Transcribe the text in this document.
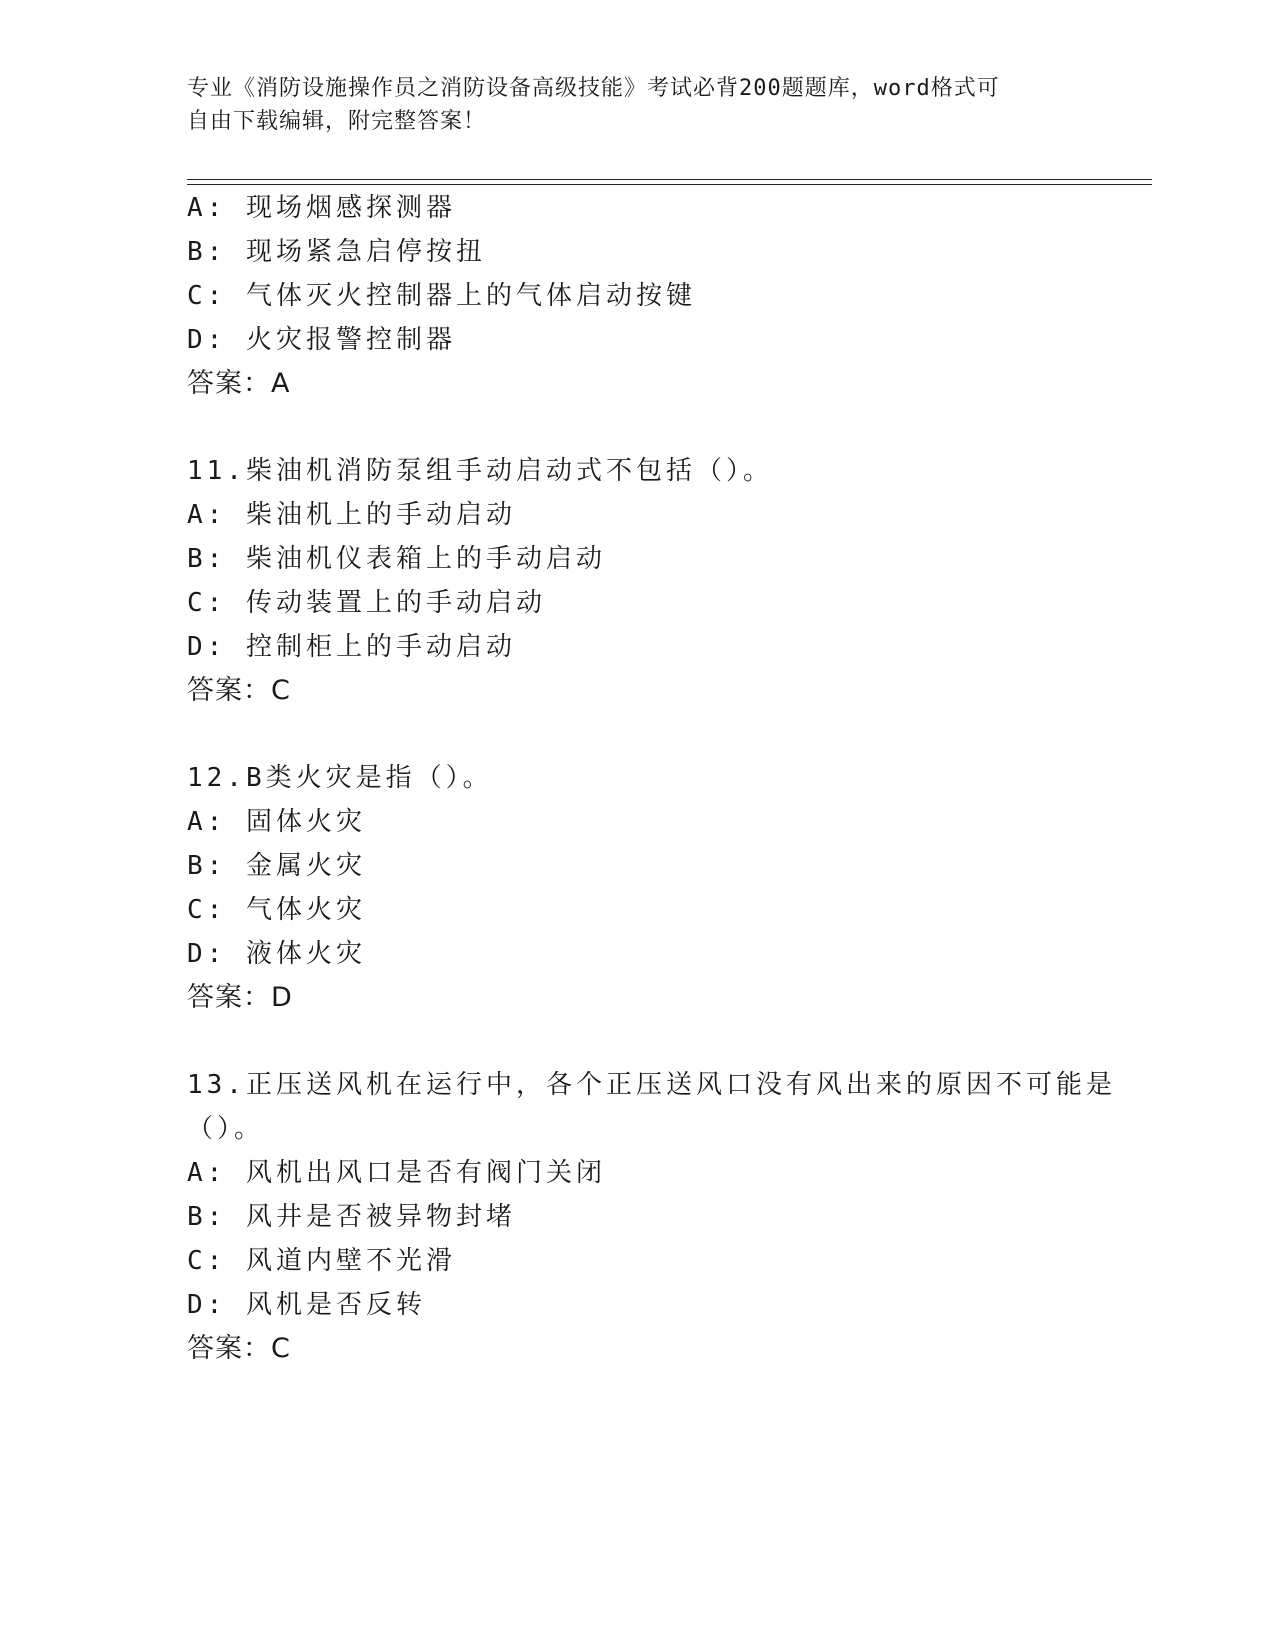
专业《消防设施操作员之消防设备高级技能》考试必背200题题库，word格式可
自由下载编辑，附完整答案！
A: 现场烟感探测器
B: 现场紧急启停按扭
C: 气体灭火控制器上的气体启动按键
D: 火灾报警控制器
答案：A
11.柴油机消防泵组手动启动式不包括（）。
A: 柴油机上的手动启动
B: 柴油机仪表箱上的手动启动
C: 传动装置上的手动启动
D: 控制柜上的手动启动
答案：C
12.B类火灾是指（）。
A: 固体火灾
B: 金属火灾
C: 气体火灾
D: 液体火灾
答案：D
13.正压送风机在运行中，各个正压送风口没有风出来的原因不可能是
（）。
A: 风机出风口是否有阀门关闭
B: 风井是否被异物封堵
C: 风道内壁不光滑
D: 风机是否反转
答案：C
